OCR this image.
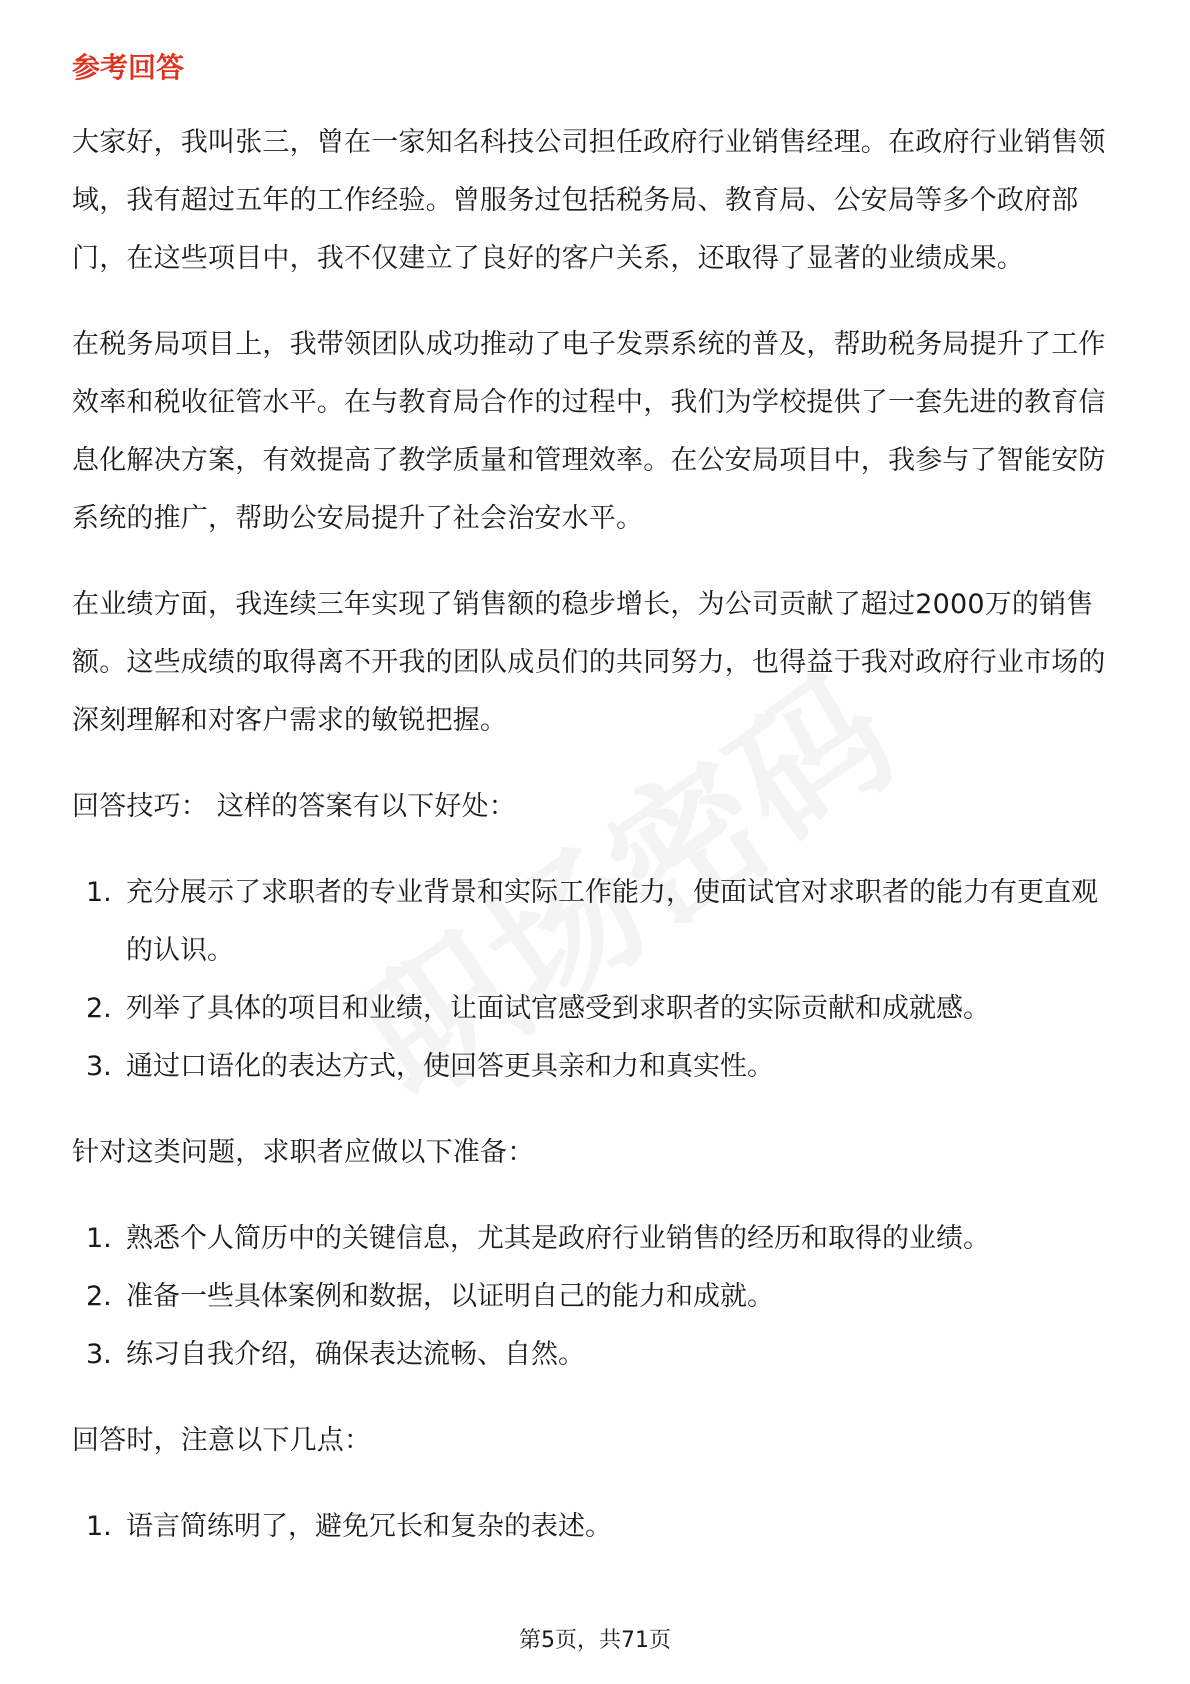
参考回答

大家好，我叫张三，曾在一家知名科技公司担任政府行业销售经理。在政府行业销售领域，我有超过五年的工作经验。曾服务过包括税务局、教育局、公安局等多个政府部门，在这些项目中，我不仅建立了良好的客户关系，还取得了显著的业绩成果。

在税务局项目上，我带领团队成功推动了电子发票系统的普及，帮助税务局提升了工作效率和税收征管水平。在与教育局合作的过程中，我们为学校提供了一套先进的教育信息化解决方案，有效提高了教学质量和管理效率。在公安局项目中，我参与了智能安防系统的推广，帮助公安局提升了社会治安水平。

在业绩方面，我连续三年实现了销售额的稳步增长，为公司贡献了超过2000万的销售额。这些成绩的取得离不开我的团队成员们的共同努力，也得益于我对政府行业市场的深刻理解和对客户需求的敏锐把握。

回答技巧： 这样的答案有以下好处：

1. 充分展示了求职者的专业背景和实际工作能力，使面试官对求职者的能力有更直观的认识。
2. 列举了具体的项目和业绩，让面试官感受到求职者的实际贡献和成就感。
3. 通过口语化的表达方式，使回答更具亲和力和真实性。

针对这类问题，求职者应做以下准备：

1. 熟悉个人简历中的关键信息，尤其是政府行业销售的经历和取得的业绩。
2. 准备一些具体案例和数据，以证明自己的能力和成就。
3. 练习自我介绍，确保表达流畅、自然。

回答时，注意以下几点：

1. 语言简练明了，避免冗长和复杂的表述。
第5页，共71页
